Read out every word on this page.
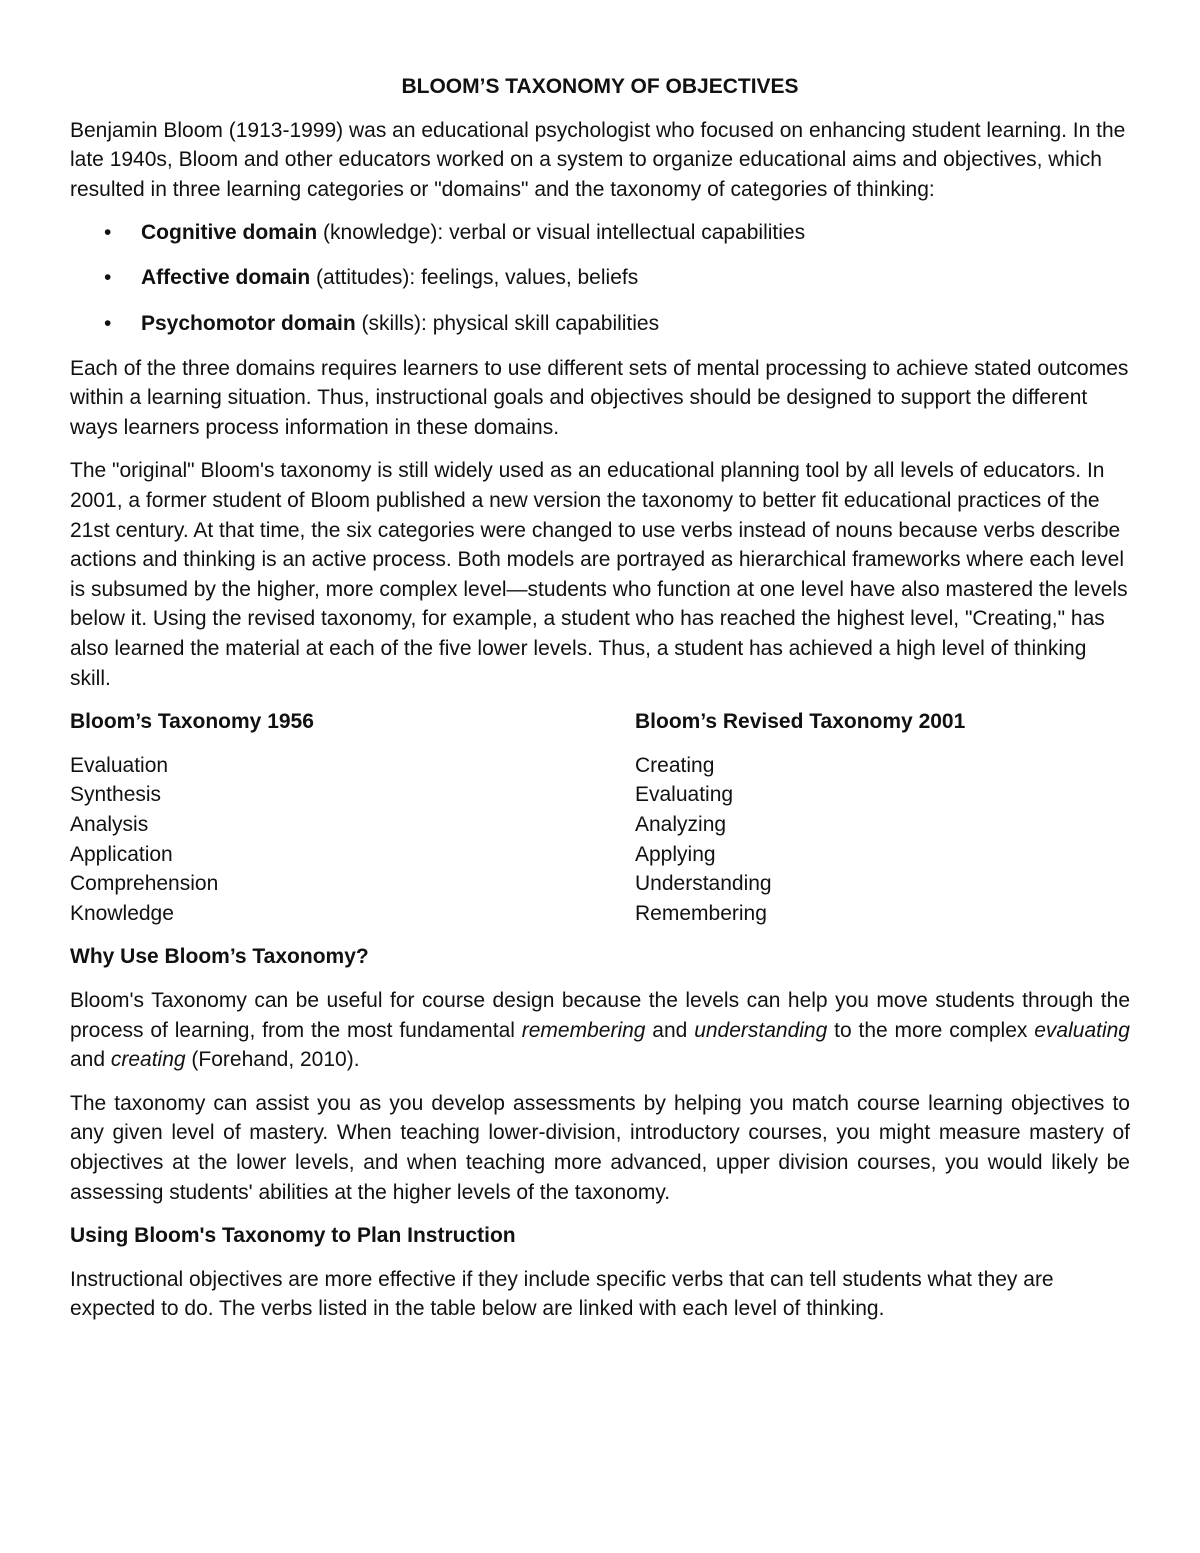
BLOOM’S TAXONOMY OF OBJECTIVES

Benjamin Bloom (1913-1999) was an educational psychologist who focused on enhancing student learning. In the late 1940s, Bloom and other educators worked on a system to organize educational aims and objectives, which resulted in three learning categories or "domains" and the taxonomy of categories of thinking:

• Cognitive domain (knowledge): verbal or visual intellectual capabilities
• Affective domain (attitudes): feelings, values, beliefs
• Psychomotor domain (skills): physical skill capabilities

Each of the three domains requires learners to use different sets of mental processing to achieve stated outcomes within a learning situation. Thus, instructional goals and objectives should be designed to support the different ways learners process information in these domains.

The "original" Bloom's taxonomy is still widely used as an educational planning tool by all levels of educators. In 2001, a former student of Bloom published a new version the taxonomy to better fit educational practices of the 21st century. At that time, the six categories were changed to use verbs instead of nouns because verbs describe actions and thinking is an active process. Both models are portrayed as hierarchical frameworks where each level is subsumed by the higher, more complex level—students who function at one level have also mastered the levels below it. Using the revised taxonomy, for example, a student who has reached the highest level, "Creating," has also learned the material at each of the five lower levels. Thus, a student has achieved a high level of thinking skill.

Bloom’s Taxonomy 1956
Evaluation
Synthesis
Analysis
Application
Comprehension
Knowledge
Bloom’s Revised Taxonomy 2001
Creating
Evaluating
Analyzing
Applying
Understanding
Remembering
Why Use Bloom’s Taxonomy?

Bloom's Taxonomy can be useful for course design because the levels can help you move students through the process of learning, from the most fundamental remembering and understanding to the more complex evaluating and creating (Forehand, 2010).

The taxonomy can assist you as you develop assessments by helping you match course learning objectives to any given level of mastery. When teaching lower-division, introductory courses, you might measure mastery of objectives at the lower levels, and when teaching more advanced, upper division courses, you would likely be assessing students' abilities at the higher levels of the taxonomy.

Using Bloom's Taxonomy to Plan Instruction

Instructional objectives are more effective if they include specific verbs that can tell students what they are expected to do. The verbs listed in the table below are linked with each level of thinking.
